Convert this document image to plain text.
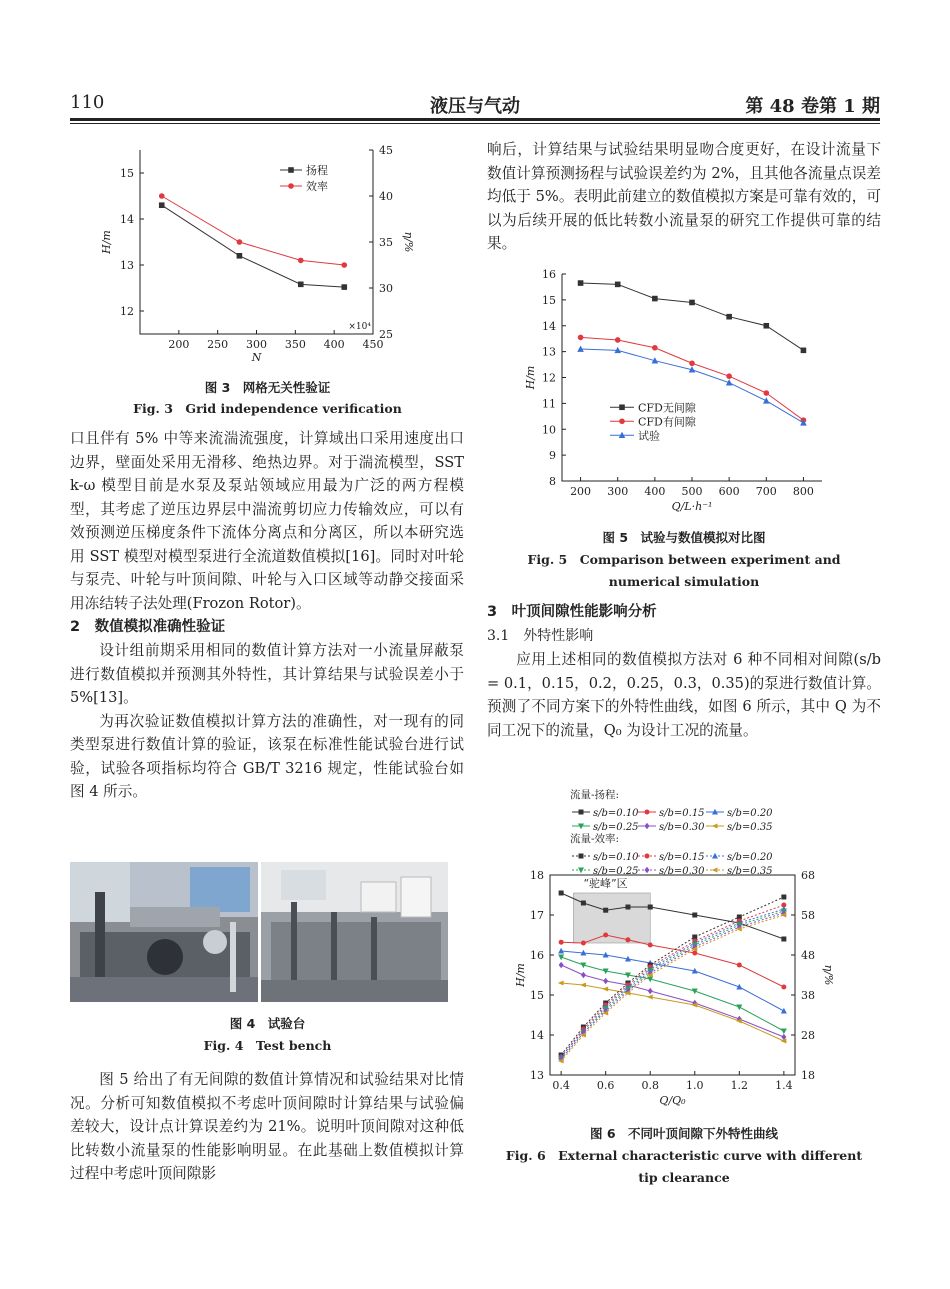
110	液压与气动	第 48 卷第 1 期
200 250 300 350 400 450
12
13
14
15
25
30
35
40
45
H/m	η/%
N
×10⁴
扬程
效率
图 3　网格无关性验证
Fig. 3　Grid independence verification

口且伴有 5% 中等来流湍流强度，计算域出口采用速度出口边界，壁面处采用无滑移、绝热边界。对于湍流模型，SST k-ω 模型目前是水泵及泵站领域应用最为广泛的两方程模型，其考虑了逆压边界层中湍流剪切应力传输效应，可以有效预测逆压梯度条件下流体分离点和分离区，所以本研究选用 SST 模型对模型泵进行全流道数值模拟[16]。同时对叶轮与泵壳、叶轮与叶顶间隙、叶轮与入口区域等动静交接面采用冻结转子法处理(Frozon Rotor)。

2　数值模拟准确性验证

设计组前期采用相同的数值计算方法对一小流量屏蔽泵进行数值模拟并预测其外特性，其计算结果与试验误差小于 5%[13]。

为再次验证数值模拟计算方法的准确性，对一现有的同类型泵进行数值计算的验证，该泵在标准性能试验台进行试验，试验各项指标均符合 GB/T 3216 规定，性能试验台如图 4 所示。

图 4　试验台
Fig. 4　Test bench

图 5 给出了有无间隙的数值计算情况和试验结果对比情况。分析可知数值模拟不考虑叶顶间隙时计算结果与试验偏差较大，设计点计算误差约为 21%。说明叶顶间隙对这种低比转数小流量泵的性能影响明显。在此基础上数值模拟计算过程中考虑叶顶间隙影

响后，计算结果与试验结果明显吻合度更好，在设计流量下数值计算预测扬程与试验误差约为 2%，且其他各流量点误差均低于 5%。表明此前建立的数值模拟方案是可靠有效的，可以为后续开展的低比转数小流量泵的研究工作提供可靠的结果。

200 300 400 500 600 700 800
8
9
10
11
12
13
14
15
16
H/m
Q/L·h⁻¹
CFD无间隙
CFD有间隙
试验
图 5　试验与数值模拟对比图
Fig. 5　Comparison between experiment and
numerical simulation
3　叶顶间隙性能影响分析
3.1　外特性影响

应用上述相同的数值模拟方法对 6 种不同相对间隙(s/b = 0.1，0.15，0.2，0.25，0.3，0.35)的泵进行数值计算。预测了不同方案下的外特性曲线，如图 6 所示，其中 Q 为不同工况下的流量，Q₀ 为设计工况的流量。

“驼峰”区
0.4 0.6 0.8 1.0 1.2 1.4
13
14
15
16
17
18
18
28
38
48
58
68
H/m	η/%
Q/Q₀
流量-扬程:
流量-效率:
s/b=0.10 s/b=0.15 s/b=0.20
s/b=0.25 s/b=0.30 s/b=0.35
s/b=0.10 s/b=0.15 s/b=0.20
s/b=0.25 s/b=0.30 s/b=0.35
图 6　不同叶顶间隙下外特性曲线
Fig. 6　External characteristic curve with different
tip clearance
